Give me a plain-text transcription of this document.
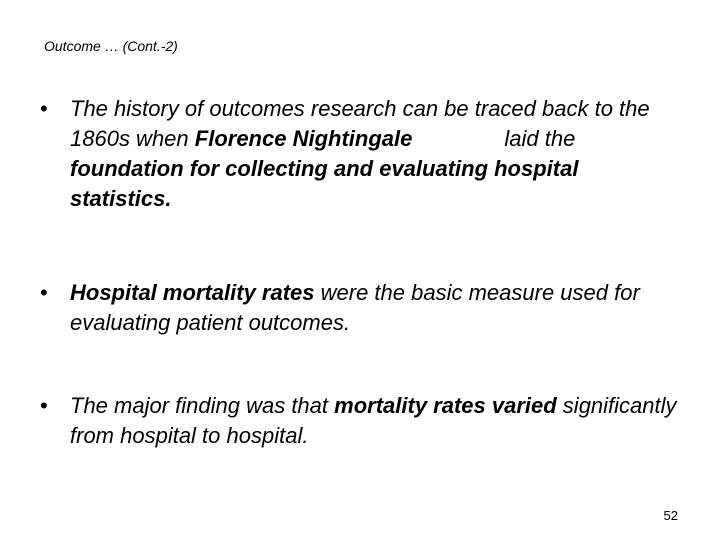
Outcome … (Cont.-2)
•	The history of outcomes research can be traced back to the 1860s when Florence Nightingale	laid the foundation for collecting and evaluating hospital statistics.
•	Hospital mortality rates were the basic measure used for evaluating patient outcomes.
•	The major finding was that mortality rates varied significantly from hospital to hospital.
52
